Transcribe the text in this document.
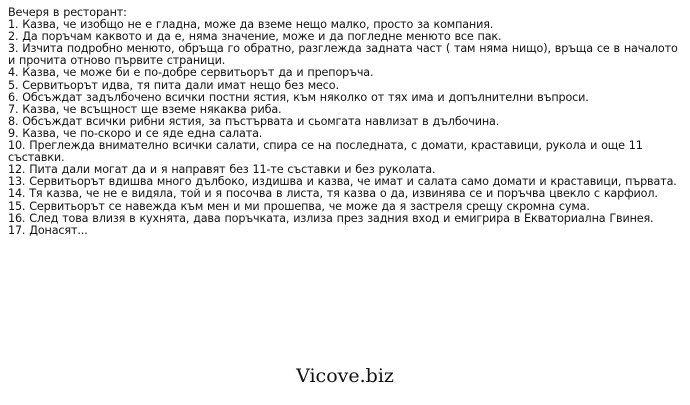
Вечеря в ресторант:
1. Казва, че изобщо не е гладна, може да вземе нещо малко, просто за компания.
2. Да поръчам каквото и да е, няма значение, може и да погледне менюто все пак.
3. Изчита подробно менюто, обръща го обратно, разглежда задната част ( там няма нищо), връща се в началото и прочита отново първите страници.
4. Казва, че може би е по-добре сервитьорът да и препоръча.
5. Сервитьорът идва, тя пита дали имат нещо без месо.
6. Обсъждат задълбочено всички постни ястия, към няколко от тях има и допълнителни въпроси.
7. Казва, че всъщност ще вземе някаква риба.
8. Обсъждат всички рибни ястия, за пъстървата и сьомгата навлизат в дълбочина.
9. Казва, че по-скоро и се яде една салата.
10. Преглежда внимателно всички салати, спира се на последната, с домати, краставици, рукола и още 11 съставки.
12. Пита дали могат да и я направят без 11-те съставки и без руколата.
13. Сервитьорът вдишва много дълбоко, издишва и казва, че имат и салата само домати и краставици, първата.
14. Тя казва, че не е видяла, той и я посочва в листа, тя казва о да, извинява се и поръчва цвекло с карфиол.
15. Сервитьорът се навежда към мен и ми прошепва, че може да я застреля срещу скромна сума.
16. След това влизя в кухнята, дава поръчката, излиза през задния вход и емигрира в Екваториална Гвинея.
17. Донасят...
Vicove.biz
